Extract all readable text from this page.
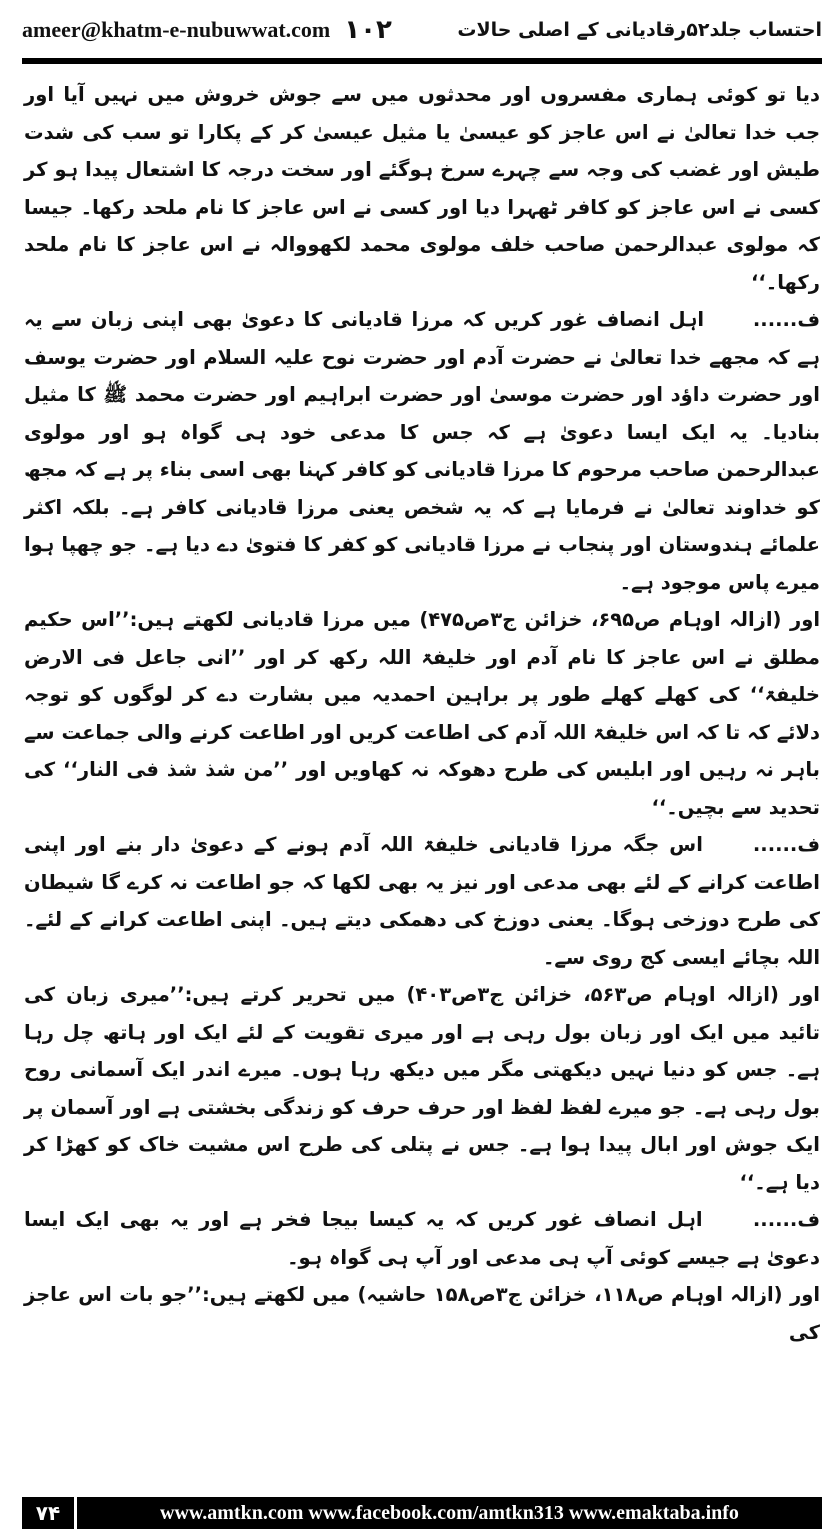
ameer@khatm-e-nubuwwat.com ۱۰۲	احتساب جلد۵۲رقادیانی کے اصلی حالات

دیا تو کوئی ہماری مفسروں اور محدثوں میں سے جوش خروش میں نہیں آیا اور جب خدا تعالیٰ نے اس عاجز کو عیسیٰ یا مثیل عیسیٰ کر کے پکارا تو سب کی شدت طیش اور غضب کی وجہ سے چہرے سرخ ہوگئے اور سخت درجہ کا اشتعال پیدا ہو کر کسی نے اس عاجز کو کافر ٹھہرا دیا اور کسی نے اس عاجز کا نام ملحد رکھا۔ جیسا کہ مولوی عبدالرحمن صاحب خلف مولوی محمد لکھووالہ نے اس عاجز کا نام ملحد رکھا۔‘‘

ف...... اہل انصاف غور کریں کہ مرزا قادیانی کا دعویٰ بھی اپنی زبان سے یہ ہے کہ مجھے خدا تعالیٰ نے حضرت آدم اور حضرت نوح علیہ السلام اور حضرت یوسف اور حضرت داؤد اور حضرت موسیٰ اور حضرت ابراہیم اور حضرت محمد ﷺ کا مثیل بنادیا۔ یہ ایک ایسا دعویٰ ہے کہ جس کا مدعی خود ہی گواہ ہو اور مولوی عبدالرحمن صاحب مرحوم کا مرزا قادیانی کو کافر کہنا بھی اسی بناء پر ہے کہ مجھ کو خداوند تعالیٰ نے فرمایا ہے کہ یہ شخص یعنی مرزا قادیانی کافر ہے۔ بلکہ اکثر علمائے ہندوستان اور پنجاب نے مرزا قادیانی کو کفر کا فتویٰ دے دیا ہے۔ جو چھپا ہوا میرے پاس موجود ہے۔

اور (ازالہ اوہام ص۶۹۵، خزائن ج۳ص۴۷۵) میں مرزا قادیانی لکھتے ہیں:’’اس حکیم مطلق نے اس عاجز کا نام آدم اور خلیفۃ اللہ رکھ کر اور ’’انی جاعل فی الارض خلیفۃ‘‘ کی کھلے کھلے طور پر براہین احمدیہ میں بشارت دے کر لوگوں کو توجہ دلائے کہ تا کہ اس خلیفۃ اللہ آدم کی اطاعت کریں اور اطاعت کرنے والی جماعت سے باہر نہ رہیں اور ابلیس کی طرح دھوکہ نہ کھاویں اور ’’من شذ شذ فی النار‘‘ کی تحدید سے بچیں۔‘‘

ف...... اس جگہ مرزا قادیانی خلیفۃ اللہ آدم ہونے کے دعویٰ دار بنے اور اپنی اطاعت کرانے کے لئے بھی مدعی اور نیز یہ بھی لکھا کہ جو اطاعت نہ کرے گا شیطان کی طرح دوزخی ہوگا۔ یعنی دوزخ کی دھمکی دیتے ہیں۔ اپنی اطاعت کرانے کے لئے۔ اللہ بچائے ایسی کج روی سے۔

اور (ازالہ اوہام ص۵۶۳، خزائن ج۳ص۴۰۳) میں تحریر کرتے ہیں:’’میری زبان کی تائید میں ایک اور زبان بول رہی ہے اور میری تقویت کے لئے ایک اور ہاتھ چل رہا ہے۔ جس کو دنیا نہیں دیکھتی مگر میں دیکھ رہا ہوں۔ میرے اندر ایک آسمانی روح بول رہی ہے۔ جو میرے لفظ لفظ اور حرف حرف کو زندگی بخشتی ہے اور آسمان پر ایک جوش اور ابال پیدا ہوا ہے۔ جس نے پتلی کی طرح اس مشیت خاک کو کھڑا کر دیا ہے۔‘‘

ف...... اہل انصاف غور کریں کہ یہ کیسا بیجا فخر ہے اور یہ بھی ایک ایسا دعویٰ ہے جیسے کوئی آپ ہی مدعی اور آپ ہی گواہ ہو۔

اور (ازالہ اوہام ص۱۱۸، خزائن ج۳ص۱۵۸ حاشیہ) میں لکھتے ہیں:’’جو بات اس عاجز کی

۷۴	www.amtkn.com www.facebook.com/amtkn313 www.emaktaba.info
